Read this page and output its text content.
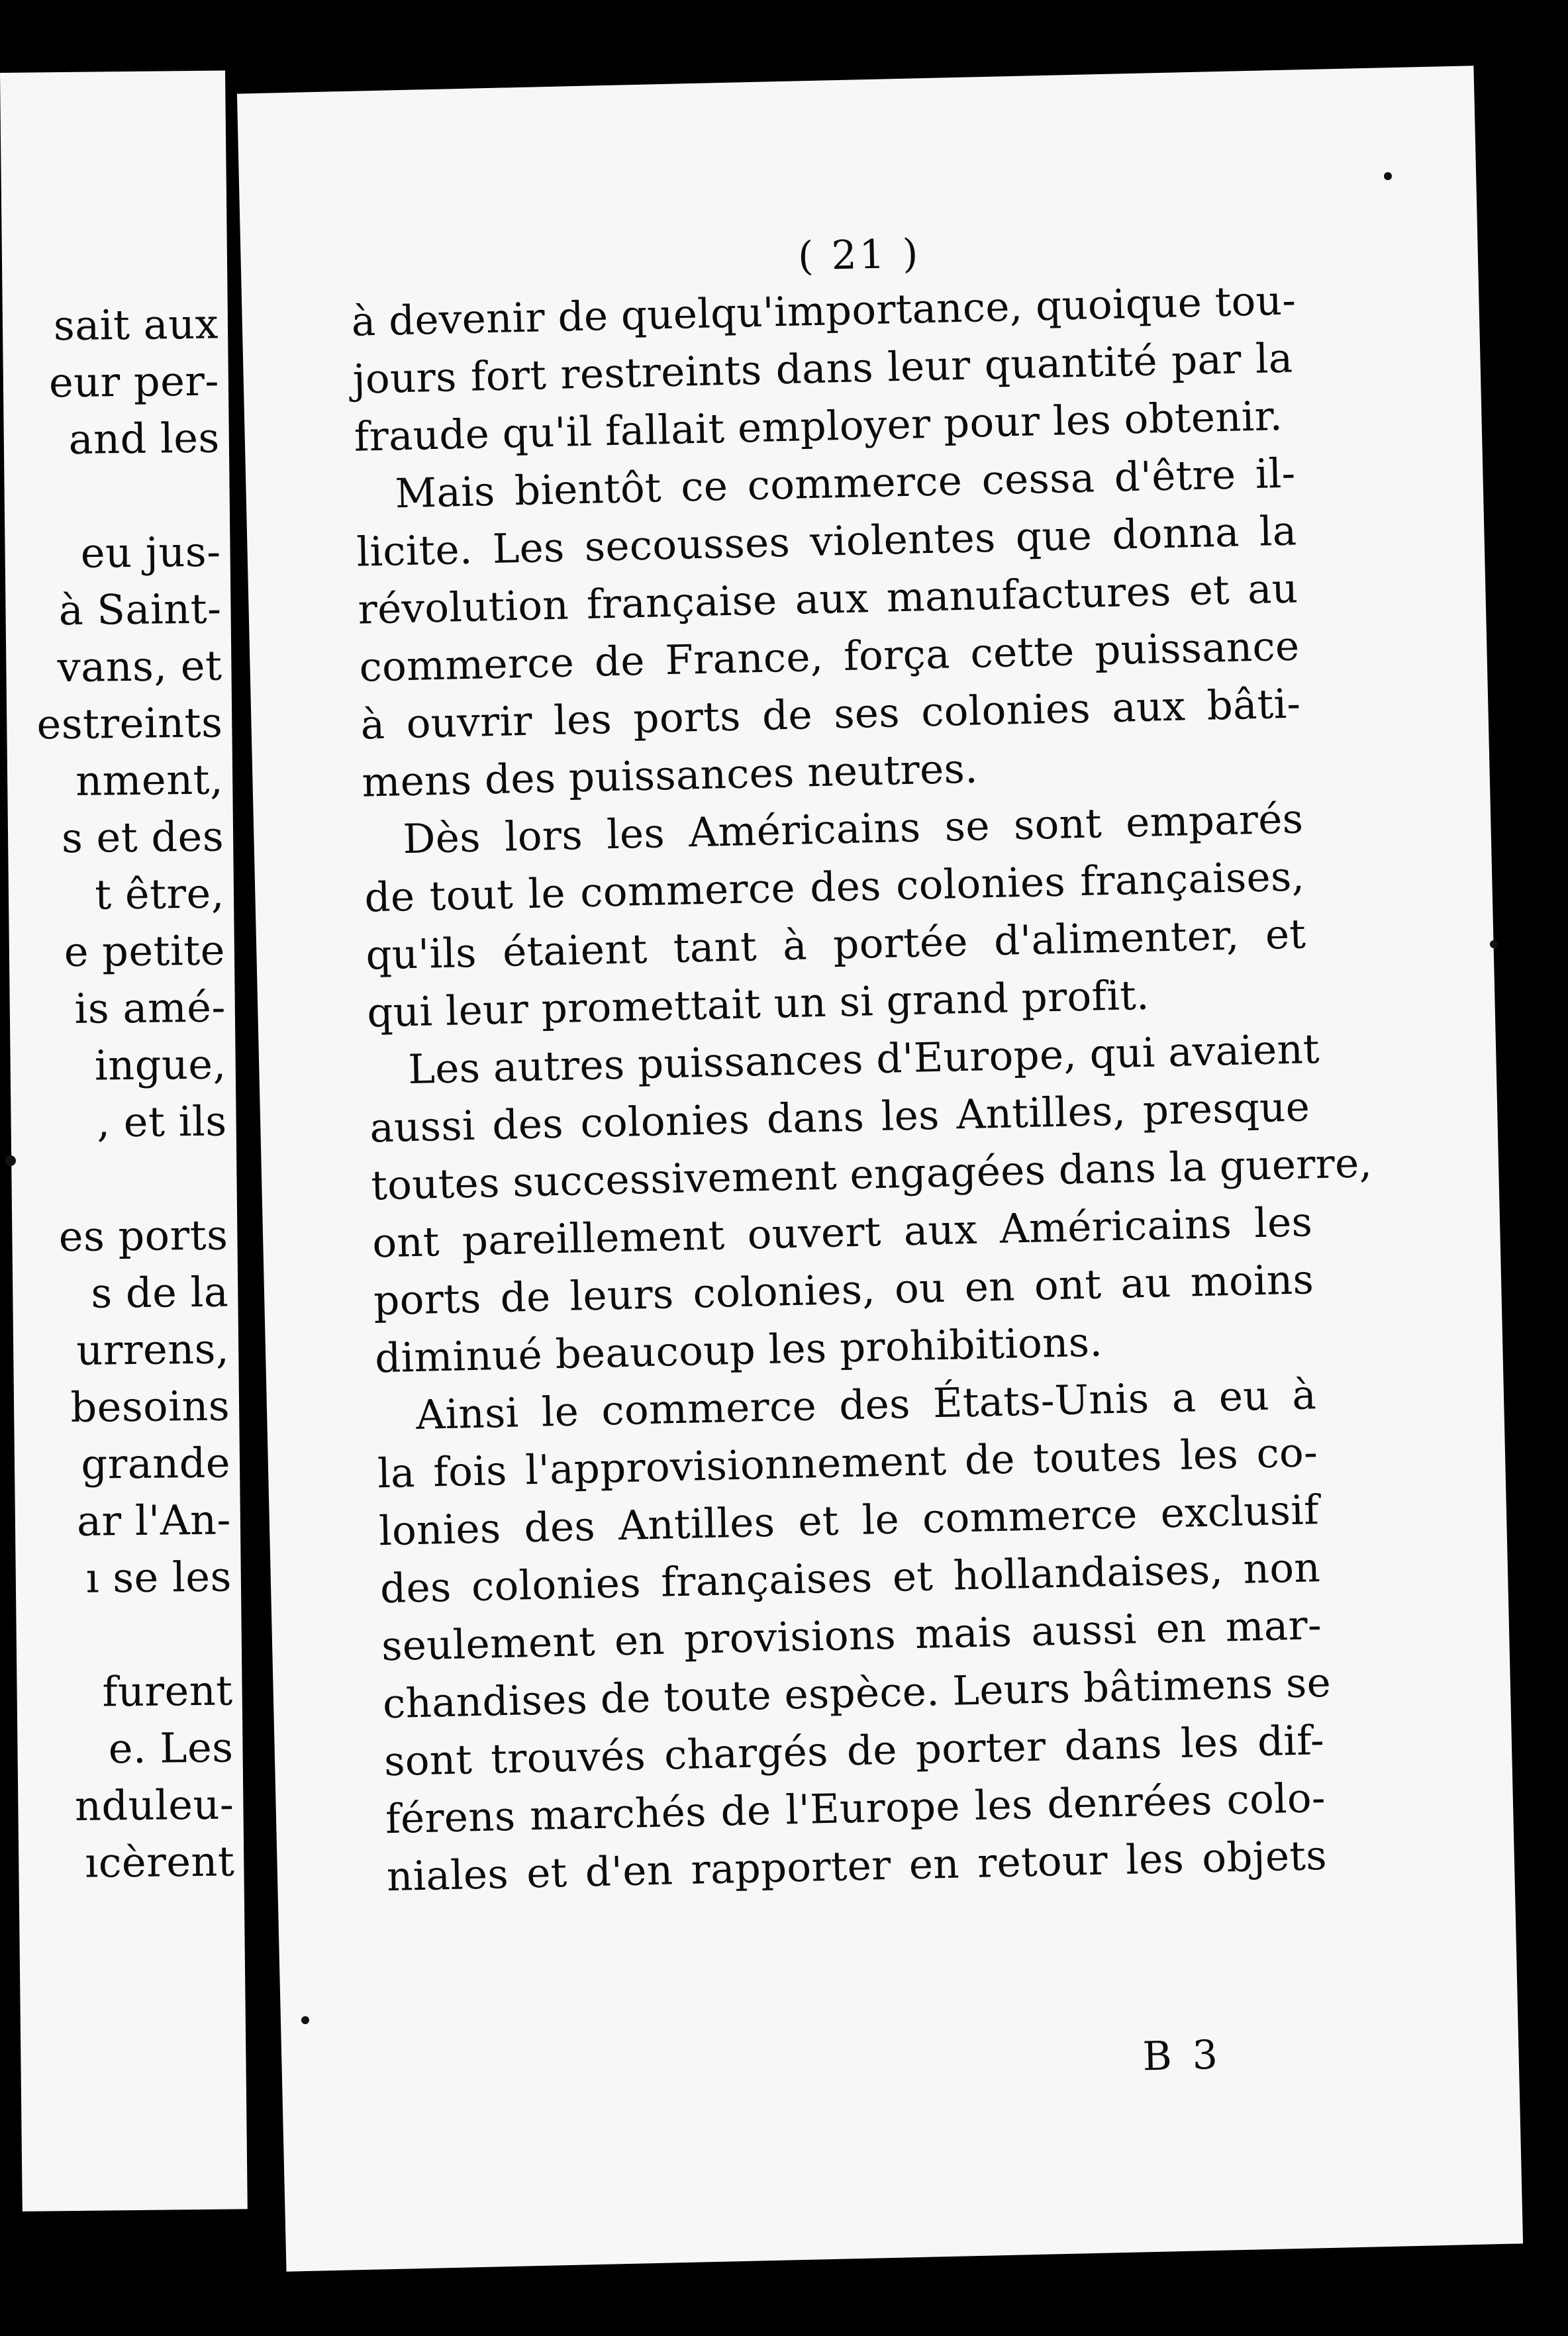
sait aux
eur per-
and les
eu jus-
à Saint-
vans, et
estreints
nment,
s et des
t être,
e petite
is amé-
ingue,
, et ils
es ports
s de la
urrens,
besoins
grande
ar l'An-
ı se les
furent
e. Les
nduleu-
ıcèrent
( 21 )
à devenir de quelqu'importance, quoique tou-
jours fort restreints dans leur quantité par la
fraude qu'il fallait employer pour les obtenir.
Mais bientôt ce commerce cessa d'être il-
licite. Les secousses violentes que donna la
révolution française aux manufactures et au
commerce de France, força cette puissance
à ouvrir les ports de ses colonies aux bâti-
mens des puissances neutres.
Dès lors les Américains se sont emparés
de tout le commerce des colonies françaises,
qu'ils étaient tant à portée d'alimenter, et
qui leur promettait un si grand profit.
Les autres puissances d'Europe, qui avaient
aussi des colonies dans les Antilles, presque
toutes successivement engagées dans la guerre,
ont pareillement ouvert aux Américains les
ports de leurs colonies, ou en ont au moins
diminué beaucoup les prohibitions.
Ainsi le commerce des États-Unis a eu à
la fois l'approvisionnement de toutes les co-
lonies des Antilles et le commerce exclusif
des colonies françaises et hollandaises, non
seulement en provisions mais aussi en mar-
chandises de toute espèce. Leurs bâtimens se
sont trouvés chargés de porter dans les dif-
férens marchés de l'Europe les denrées colo-
niales et d'en rapporter en retour les objets
B 3
